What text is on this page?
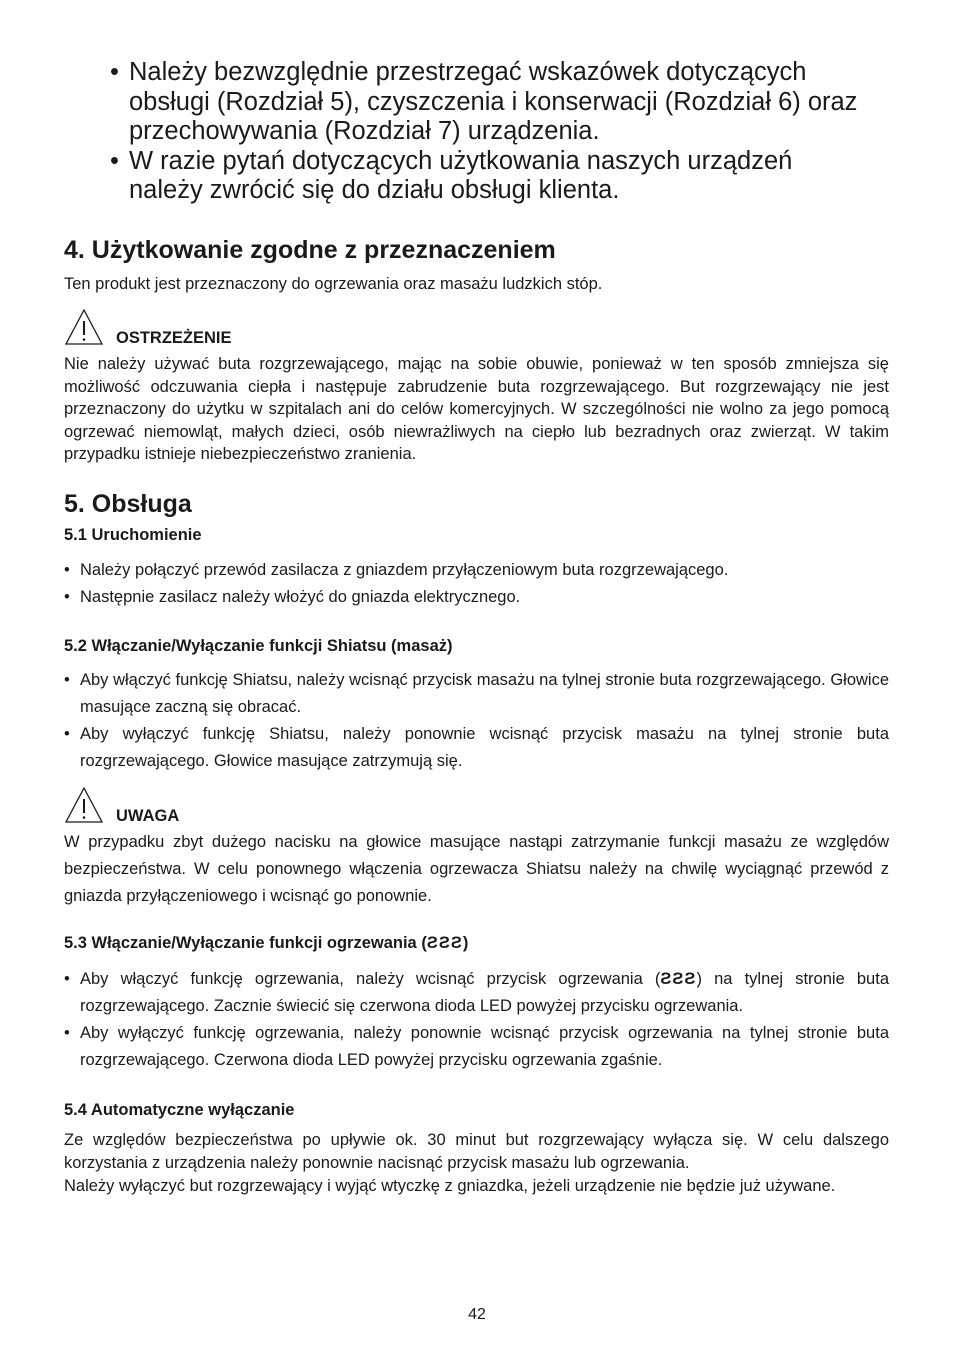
• Należy bezwzględnie przestrzegać wskazówek dotyczących obsługi (Rozdział 5), czyszczenia i konserwacji (Rozdział 6) oraz przechowywania (Rozdział 7) urządzenia.

• W razie pytań dotyczących użytkowania naszych urządzeń należy zwrócić się do działu obsługi klienta.

4. Użytkowanie zgodne z przeznaczeniem

Ten produkt jest przeznaczony do ogrzewania oraz masażu ludzkich stóp.

OSTRZEŻENIE

Nie należy używać buta rozgrzewającego, mając na sobie obuwie, ponieważ w ten sposób zmniejsza się możliwość odczuwania ciepła i następuje zabrudzenie buta rozgrzewającego. But rozgrzewający nie jest przeznaczony do użytku w szpitalach ani do celów komercyjnych. W szczególności nie wolno za jego pomocą ogrzewać niemowląt, małych dzieci, osób niewrażliwych na ciepło lub bezradnych oraz zwierząt. W takim przypadku istnieje niebezpieczeństwo zranienia.

5. Obsługa
5.1 Uruchomienie
• Należy połączyć przewód zasilacza z gniazdem przyłączeniowym buta rozgrzewającego.
• Następnie zasilacz należy włożyć do gniazda elektrycznego.
5.2 Włączanie/Wyłączanie funkcji Shiatsu (masaż)
• Aby włączyć funkcję Shiatsu, należy wcisnąć przycisk masażu na tylnej stronie buta rozgrzewającego. Głowice masujące zaczną się obracać.
• Aby wyłączyć funkcję Shiatsu, należy ponownie wcisnąć przycisk masażu na tylnej stronie buta rozgrzewającego. Głowice masujące zatrzymują się.
UWAGA

W przypadku zbyt dużego nacisku na głowice masujące nastąpi zatrzymanie funkcji masażu ze względów bezpieczeństwa. W celu ponownego włączenia ogrzewacza Shiatsu należy na chwilę wyciągnąć przewód z gniazda przyłączeniowego i wcisnąć go ponownie.

5.3 Włączanie/Wyłączanie funkcji ogrzewania (ƧƧƧ)
• Aby włączyć funkcję ogrzewania, należy wcisnąć przycisk ogrzewania (ƧƧƧ) na tylnej stronie buta rozgrzewającego. Zacznie świecić się czerwona dioda LED powyżej przycisku ogrzewania.
• Aby wyłączyć funkcję ogrzewania, należy ponownie wcisnąć przycisk ogrzewania na tylnej stronie buta rozgrzewającego. Czerwona dioda LED powyżej przycisku ogrzewania zgaśnie.
5.4 Automatyczne wyłączanie

Ze względów bezpieczeństwa po upływie ok. 30 minut but rozgrzewający wyłącza się. W celu dalszego korzystania z urządzenia należy ponownie nacisnąć przycisk masażu lub ogrzewania.

Należy wyłączyć but rozgrzewający i wyjąć wtyczkę z gniazdka, jeżeli urządzenie nie będzie już używane.

42
